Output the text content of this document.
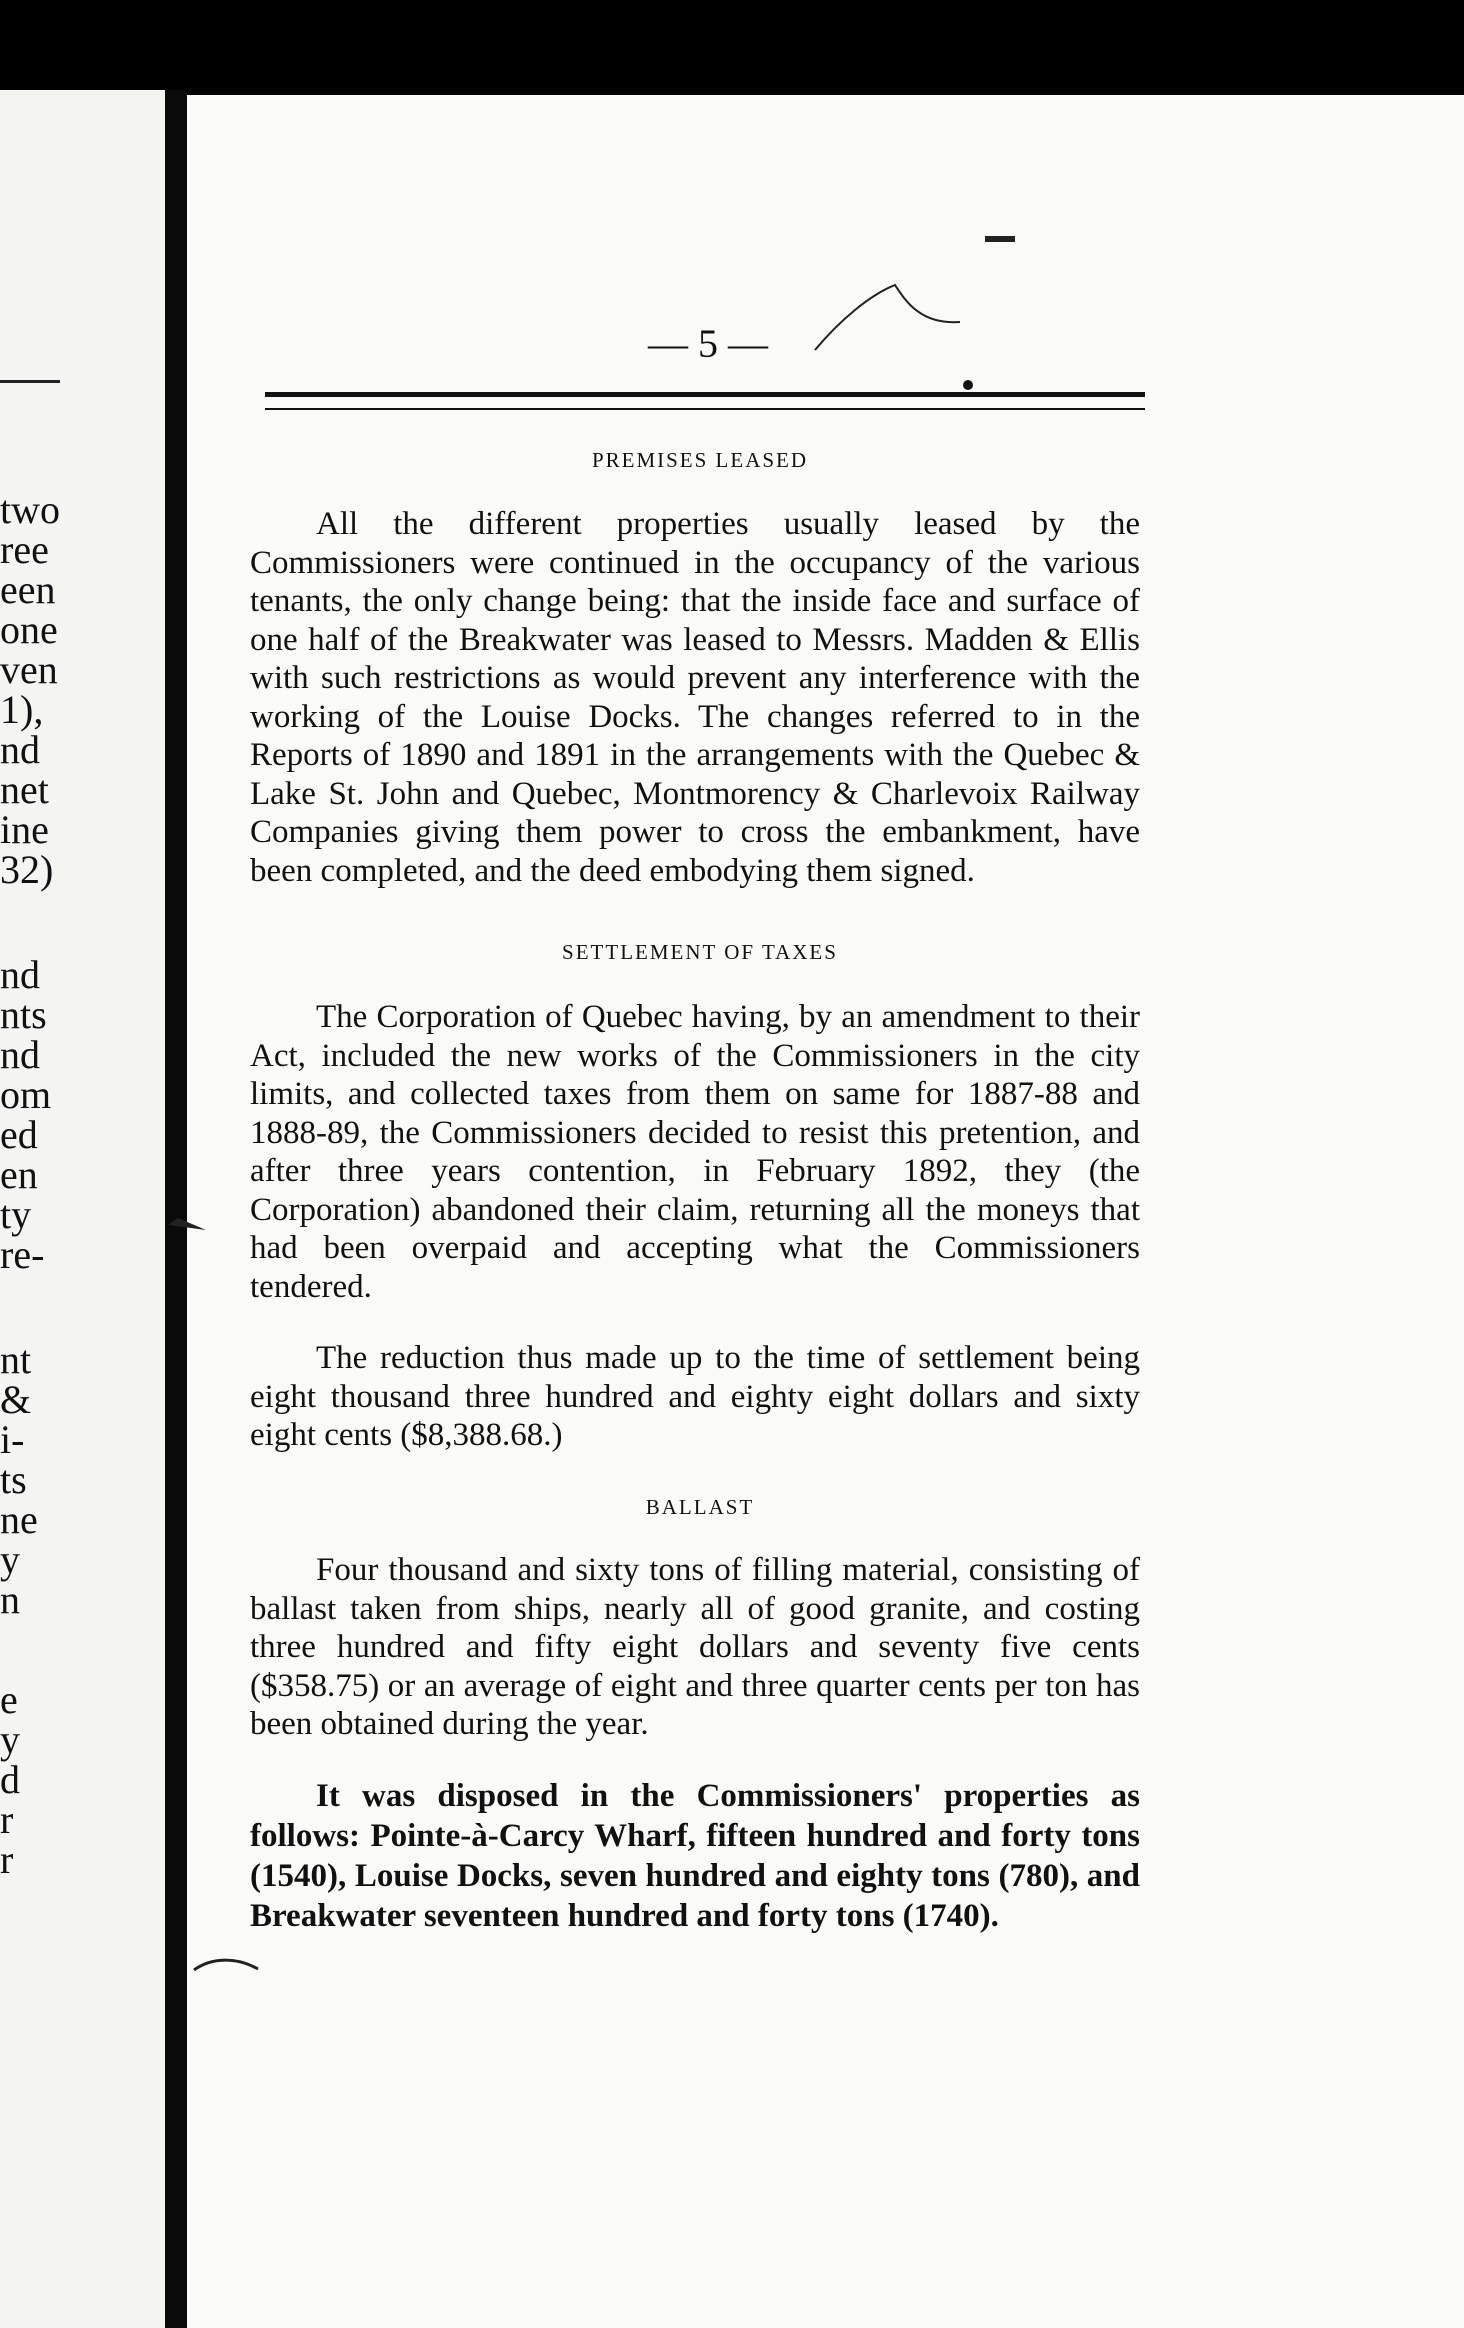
two
ree
een
one
ven
1),
nd
net
ine
32)
nd
nts
nd
om
ed
en
ty
re-
nt
&
i-
ts
ne
y
n
e
y
d
r
r
— 5 —
PREMISES LEASED
All the different properties usually leased by the Commissioners were continued in the occupancy of the various tenants, the only change being: that the inside face and surface of one half of the Breakwater was leased to Messrs. Madden & Ellis with such restrictions as would prevent any interference with the working of the Louise Docks. The changes referred to in the Reports of 1890 and 1891 in the arrangements with the Quebec & Lake St. John and Quebec, Montmorency & Charlevoix Railway Companies giving them power to cross the embankment, have been completed, and the deed embodying them signed.
SETTLEMENT OF TAXES
The Corporation of Quebec having, by an amendment to their Act, included the new works of the Commissioners in the city limits, and collected taxes from them on same for 1887-88 and 1888-89, the Commissioners decided to resist this pretention, and after three years contention, in February 1892, they (the Corporation) abandoned their claim, returning all the moneys that had been overpaid and accepting what the Commissioners tendered.
The reduction thus made up to the time of settlement being eight thousand three hundred and eighty eight dollars and sixty eight cents ($8,388.68.)
BALLAST
Four thousand and sixty tons of filling material, consisting of ballast taken from ships, nearly all of good granite, and costing three hundred and fifty eight dollars and seventy five cents ($358.75) or an average of eight and three quarter cents per ton has been obtained during the year.
It was disposed in the Commissioners' properties as follows: Pointe-à-Carcy Wharf, fifteen hundred and forty tons (1540), Louise Docks, seven hundred and eighty tons (780), and Breakwater seventeen hundred and forty tons (1740).
